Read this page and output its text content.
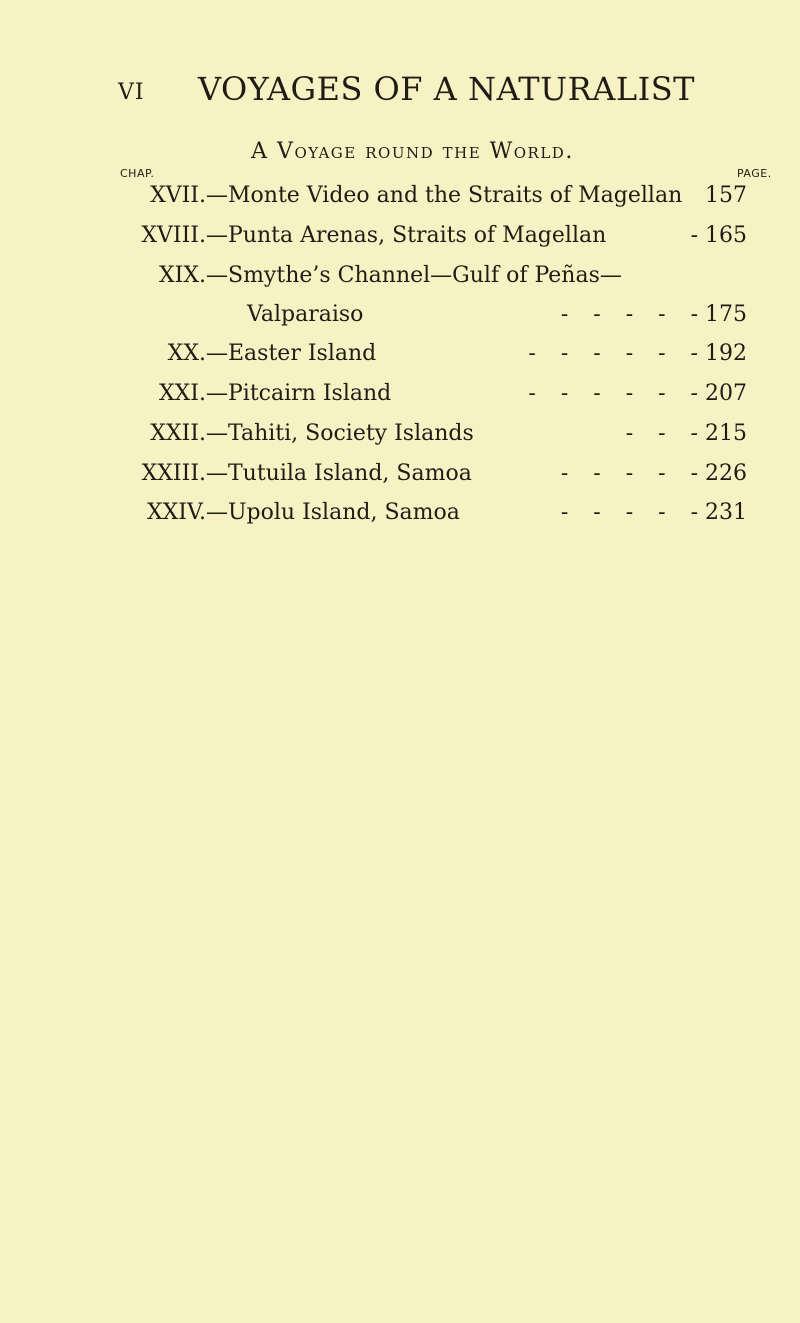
VI VOYAGES OF A NATURALIST
A Voyage round the World.
CHAP.	PAGE.
XVII. —Monte Video and the Straits of Magellan 157
XVIII. —Punta Arenas, Straits of Magellan	- 165
XIX. —Smythe’s Channel—Gulf of Peñas—
Valparaiso	- - - - - 175
XX. —Easter Island	- - - - - - 192
XXI. —Pitcairn Island	- - - - - - 207
XXII. —Tahiti, Society Islands	- - - 215
XXIII. —Tutuila Island, Samoa	- - - - - 226
XXIV. —Upolu Island, Samoa	- - - - - 231
